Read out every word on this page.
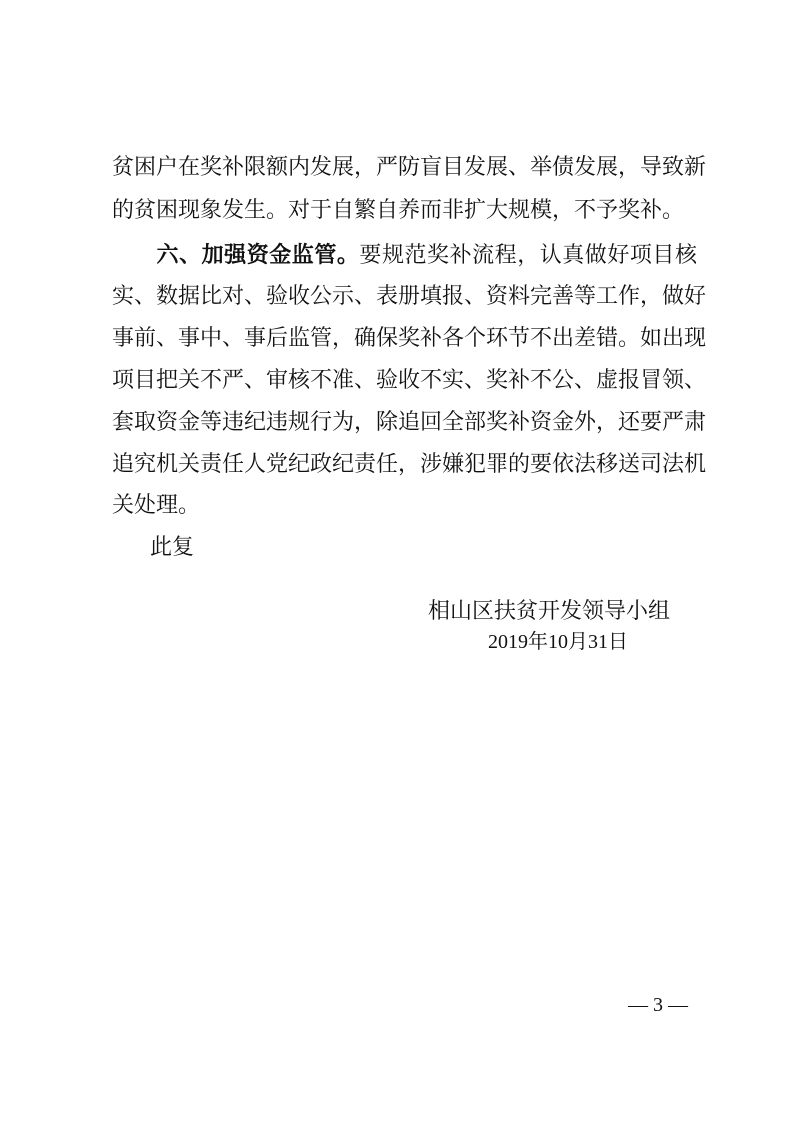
贫困户在奖补限额内发展，严防盲目发展、举债发展，导致新
的贫困现象发生。对于自繁自养而非扩大规模，不予奖补。
六、加强资金监管。要规范奖补流程，认真做好项目核
实、数据比对、验收公示、表册填报、资料完善等工作，做好
事前、事中、事后监管，确保奖补各个环节不出差错。如出现
项目把关不严、审核不准、验收不实、奖补不公、虚报冒领、
套取资金等违纪违规行为，除追回全部奖补资金外，还要严肃
追究机关责任人党纪政纪责任，涉嫌犯罪的要依法移送司法机
关处理。
此复
相山区扶贫开发领导小组
2019年10月31日
— 3 —
